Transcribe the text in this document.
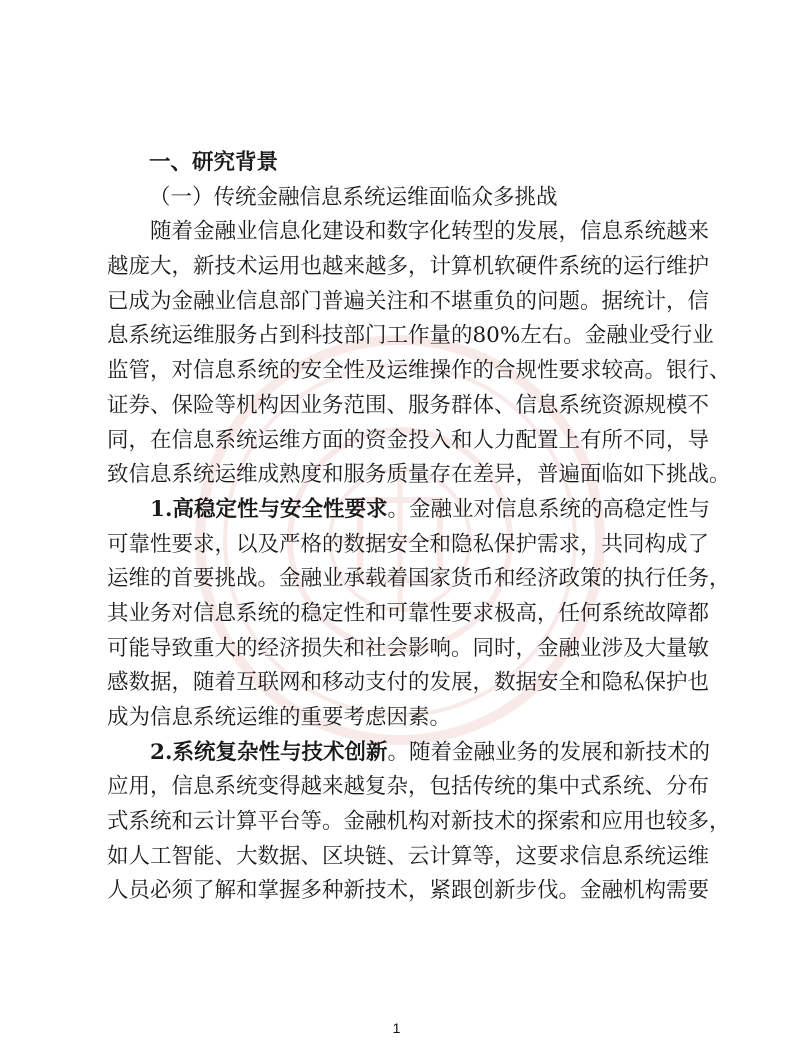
一、研究背景
（一）传统金融信息系统运维面临众多挑战
随着金融业信息化建设和数字化转型的发展，信息系统越来
越庞大，新技术运用也越来越多，计算机软硬件系统的运行维护
已成为金融业信息部门普遍关注和不堪重负的问题。据统计，信
息系统运维服务占到科技部门工作量的80%左右。金融业受行业
监管，对信息系统的安全性及运维操作的合规性要求较高。银行、
证券、保险等机构因业务范围、服务群体、信息系统资源规模不
同，在信息系统运维方面的资金投入和人力配置上有所不同，导
致信息系统运维成熟度和服务质量存在差异，普遍面临如下挑战。
1.高稳定性与安全性要求。金融业对信息系统的高稳定性与
可靠性要求，以及严格的数据安全和隐私保护需求，共同构成了
运维的首要挑战。金融业承载着国家货币和经济政策的执行任务，
其业务对信息系统的稳定性和可靠性要求极高，任何系统故障都
可能导致重大的经济损失和社会影响。同时，金融业涉及大量敏
感数据，随着互联网和移动支付的发展，数据安全和隐私保护也
成为信息系统运维的重要考虑因素。
2.系统复杂性与技术创新。随着金融业务的发展和新技术的
应用，信息系统变得越来越复杂，包括传统的集中式系统、分布
式系统和云计算平台等。金融机构对新技术的探索和应用也较多，
如人工智能、大数据、区块链、云计算等，这要求信息系统运维
人员必须了解和掌握多种新技术，紧跟创新步伐。金融机构需要
1
